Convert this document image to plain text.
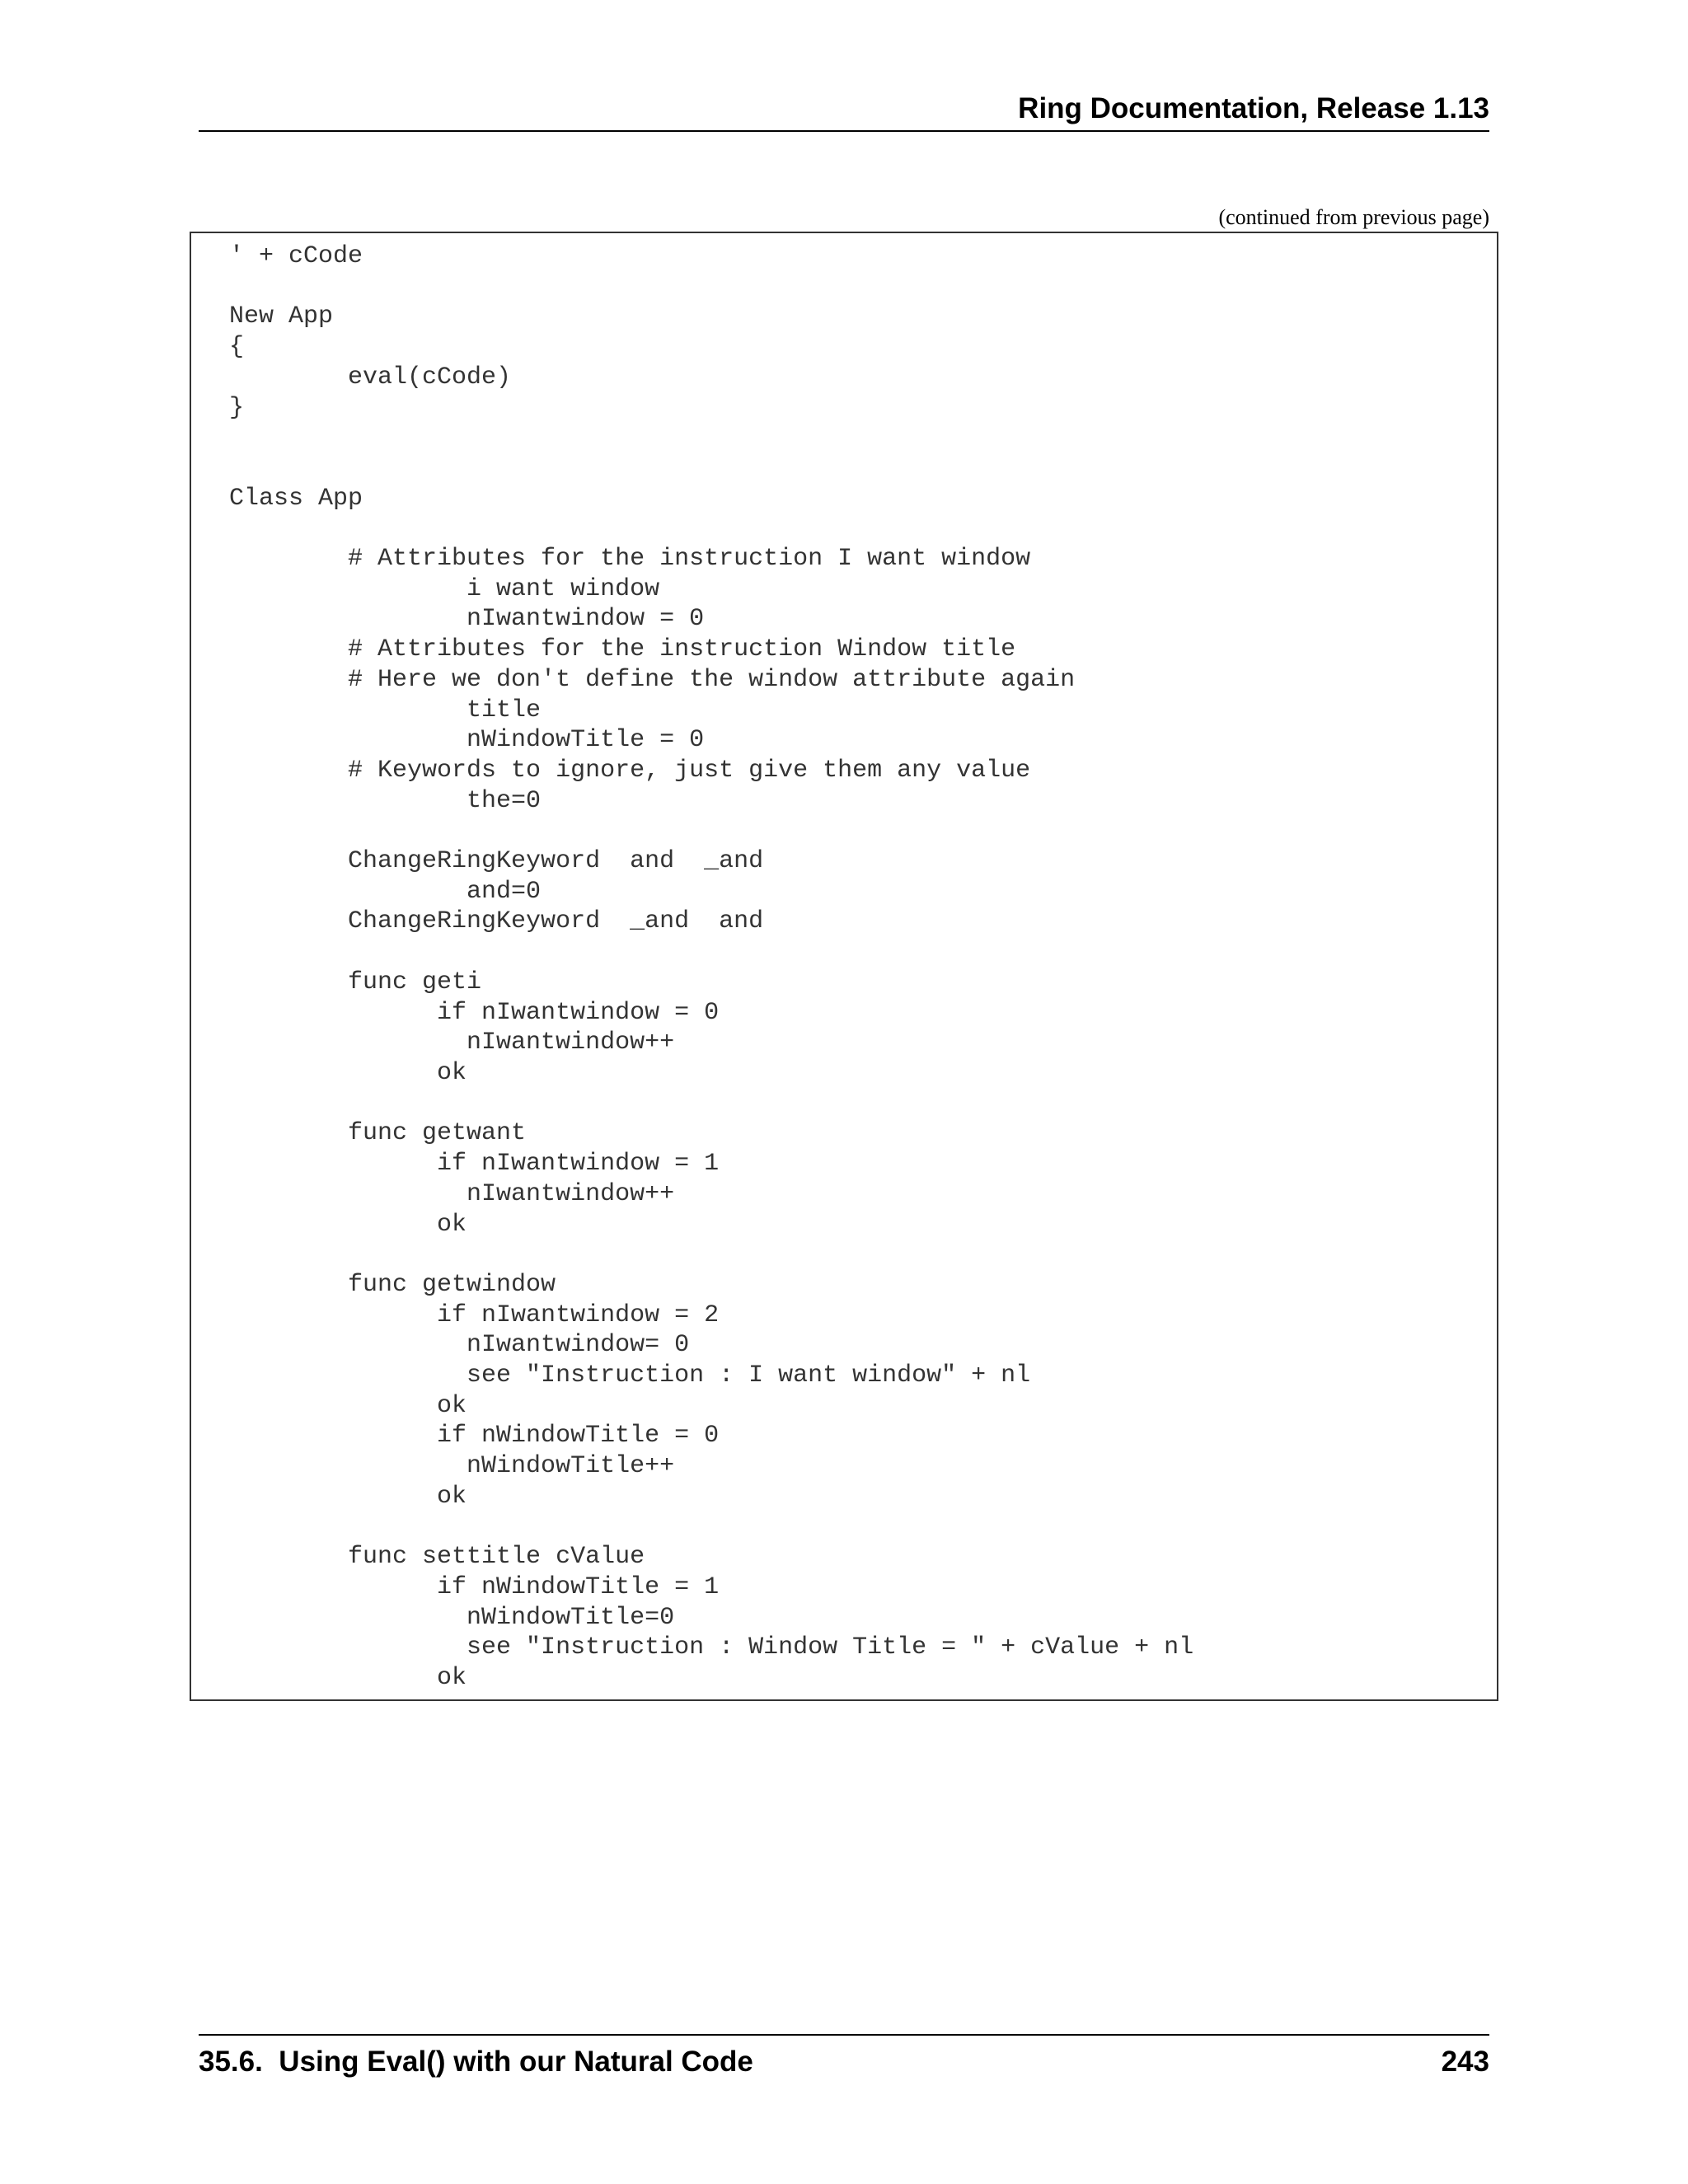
Ring Documentation, Release 1.13
(continued from previous page)
' + cCode

New App
{
eval(cCode)
}

Class App

# Attributes for the instruction I want window
i want window
nIwantwindow = 0
# Attributes for the instruction Window title
# Here we don't define the window attribute again
title
nWindowTitle = 0
# Keywords to ignore, just give them any value
the=0

ChangeRingKeyword  and  _and
and=0
ChangeRingKeyword  _and  and

func geti
if nIwantwindow = 0
nIwantwindow++
ok

func getwant
if nIwantwindow = 1
nIwantwindow++
ok

func getwindow
if nIwantwindow = 2
nIwantwindow= 0
see "Instruction : I want window" + nl
ok
if nWindowTitle = 0
nWindowTitle++
ok

func settitle cValue
if nWindowTitle = 1
nWindowTitle=0
see "Instruction : Window Title = " + cValue + nl
ok
35.6.  Using Eval() with our Natural Code	243
